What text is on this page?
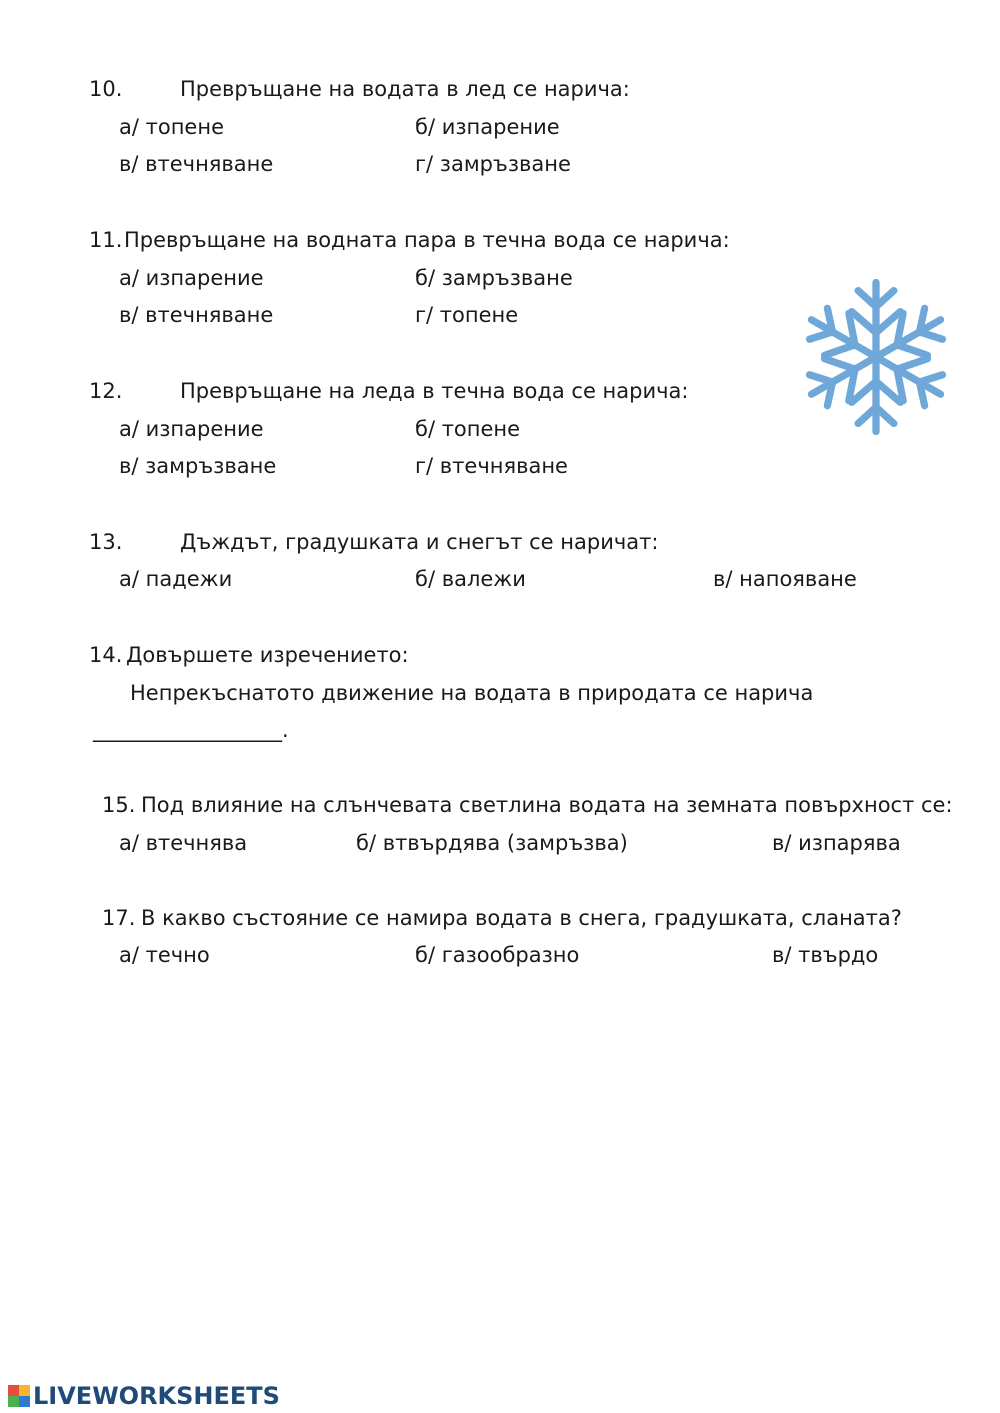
10.	Превръщане на водата в лед се нарича:
а/ топене	б/ изпарение
в/ втечняване	г/ замръзване
11. Превръщане на водната пара в течна вода се нарича:
а/ изпарение	б/ замръзване
в/ втечняване	г/ топене
12.	Превръщане на леда в течна вода се нарича:
а/ изпарение	б/ топене
в/ замръзване	г/ втечняване
13.	Дъждът, градушката и снегът се наричат:
а/ падежи	б/ валежи	в/ напояване
14. Довършете изречението:
Непрекъснатото движение на водата в природата се нарича
__________________.
15. Под влияние на слънчевата светлина водата на земната повърхност се:
а/ втечнява	б/ втвърдява (замръзва)	в/ изпарява
17. В какво състояние се намира водата в снега, градушката, сланата?
а/ течно	б/ газообразно	в/ твърдо
LIVEWORKSHEETS
